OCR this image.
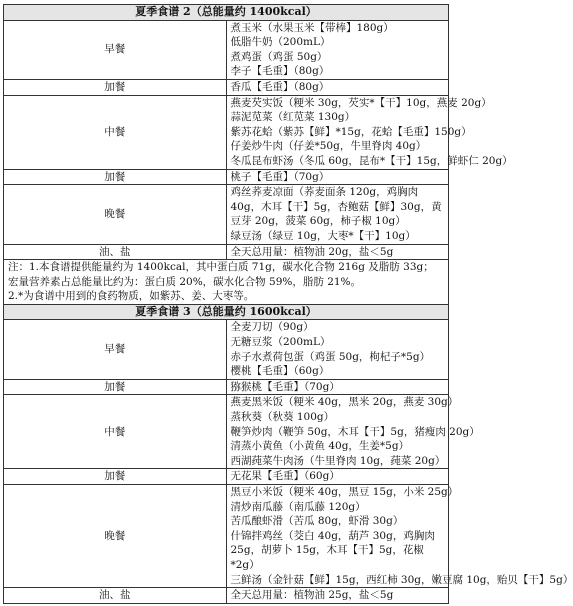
夏季食谱 2（总能量约 1400kcal）	
早餐	煮玉米（水果玉米【带棒】180g）
低脂牛奶（200mL）
煮鸡蛋（鸡蛋 50g）
李子【毛重】（80g）

加餐	香瓜【毛重】（80g）

中餐	燕麦芡实饭（粳米 30g，芡实*【干】10g，燕麦 20g）
蒜泥苋菜（红苋菜 130g）
紫苏花蛤（紫苏【鲜】*15g，花蛤【毛重】150g）
仔姜炒牛肉（仔姜*50g，牛里脊肉 40g）
冬瓜昆布虾汤（冬瓜 60g，昆布*【干】15g，鲜虾仁 20g）

加餐	桃子【毛重】（70g）

晚餐	鸡丝荞麦凉面（荞麦面条 120g，鸡胸肉 40g，木耳【干】5g，杏鲍菇【鲜】30g，黄豆芽 20g，菠菜 60g，柿子椒 10g）
绿豆汤（绿豆 10g，大枣*【干】10g）

油、盐	全天总用量：植物油 20g，盐＜5g

注：1.本食谱提供能量约为 1400kcal，其中蛋白质 71g，碳水化合物 216g 及脂肪 33g；宏量营养素占总能量比约为：蛋白质 20%，碳水化合物 59%，脂肪 21%。
2.*为食谱中用到的食药物质，如紫苏、姜、大枣等。	

夏季食谱 3（总能量约 1600kcal）	
早餐	全麦刀切（90g）
无糖豆浆（200mL）
赤子水煮荷包蛋（鸡蛋 50g，枸杞子*5g）
樱桃【毛重】（60g）

加餐	猕猴桃【毛重】（70g）

中餐	燕麦黑米饭（粳米 40g，黑米 20g，燕麦 30g）
蒸秋葵（秋葵 100g）
鞭笋炒肉（鞭笋 50g，木耳【干】5g，猪瘦肉 20g）
清蒸小黄鱼（小黄鱼 40g，生姜*5g）
西湖莼菜牛肉汤（牛里脊肉 10g，莼菜 20g）

加餐	无花果【毛重】（60g）

晚餐	黑豆小米饭（粳米 40g，黑豆 15g，小米 25g）
清炒南瓜藤（南瓜藤 120g）
苦瓜酿虾滑（苦瓜 80g，虾滑 30g）
什锦拌鸡丝（茭白 40g，葫芦 30g，鸡胸肉 25g，胡萝卜 15g，木耳【干】5g，花椒*2g）
三鲜汤（金针菇【鲜】15g，西红柿 30g，嫩豆腐 10g，贻贝【干】5g）

油、盐	全天总用量：植物油 25g，盐＜5g
